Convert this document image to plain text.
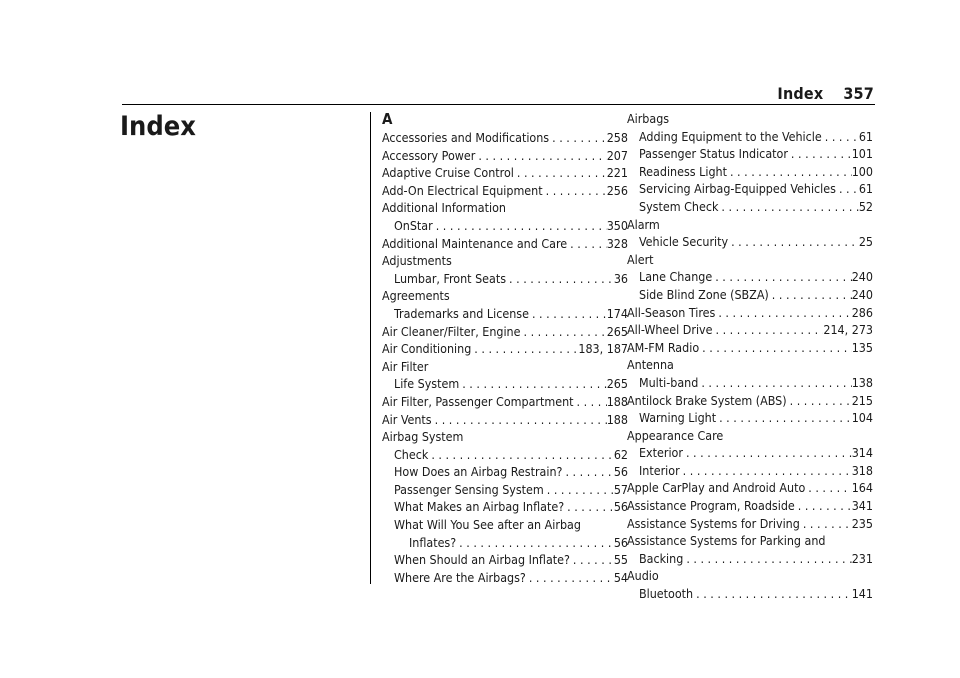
Index 357
Index	A
Accessories and Modifications . . .	258
Accessory Power . . .	207
Adaptive Cruise Control . . .	221
Add-On Electrical Equipment . . .	256
Additional Information
OnStar . . .	350
Additional Maintenance and Care . . .	328
Adjustments
Lumbar, Front Seats . . .	36
Agreements
Trademarks and License . . .	174
Air Cleaner/Filter, Engine . . .	265
Air Conditioning . . .	183, 187
Air Filter
Life System . . .	265
Air Filter, Passenger Compartment . . .	188
Air Vents . . .	188
Airbag System
Check . . .	62
How Does an Airbag Restrain? . . .	56
Passenger Sensing System . . .	57
What Makes an Airbag Inflate? . . .	56
What Will You See after an Airbag
Inflates? . . .	56
When Should an Airbag Inflate? . . .	55
Where Are the Airbags? . . .	54
Airbags
Adding Equipment to the Vehicle . . .	61
Passenger Status Indicator . . .	101
Readiness Light . . .	100
Servicing Airbag-Equipped Vehicles . . . 61
System Check . . .	52
Alarm
Vehicle Security . . .	25
Alert
Lane Change . . .	240
Side Blind Zone (SBZA) . . .	240
All-Season Tires . . .	286
All-Wheel Drive . . .	214, 273
AM-FM Radio . . .	135
Antenna
Multi-band . . .	138
Antilock Brake System (ABS) . . .	215
Warning Light . . .	104
Appearance Care
Exterior . . .	314
Interior . . .	318
Apple CarPlay and Android Auto . . .	164
Assistance Program, Roadside . . .	341
Assistance Systems for Driving . . .	235
Assistance Systems for Parking and
Backing . . .	231
Audio
Bluetooth . . .	141
